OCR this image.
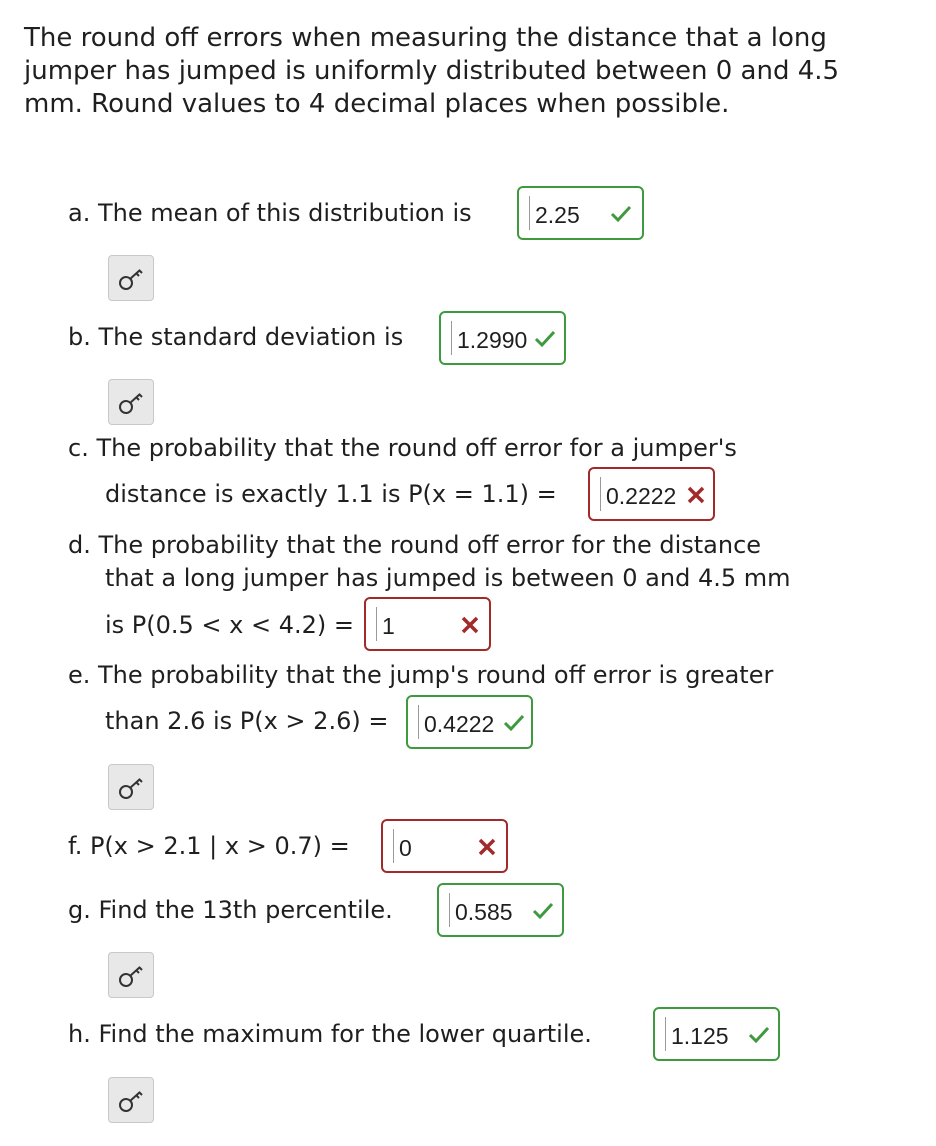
The round off errors when measuring the distance that a long jumper has jumped is uniformly distributed between 0 and 4.5 mm. Round values to 4 decimal places when possible.

a. The mean of this distribution is	2.25
b. The standard deviation is 1.2990
c. The probability that the round off error for a jumper's
distance is exactly 1.1 is P(x = 1.1) = 0.2222
d. The probability that the round off error for the distance
that a long jumper has jumped is between 0 and 4.5 mm
is P(0.5 < x < 4.2) = 1
e. The probability that the jump's round off error is greater
than 2.6 is P(x > 2.6) = 0.4222
f. P(x > 2.1 | x > 0.7) = 0
g. Find the 13th percentile.	0.585
h. Find the maximum for the lower quartile.	1.125
